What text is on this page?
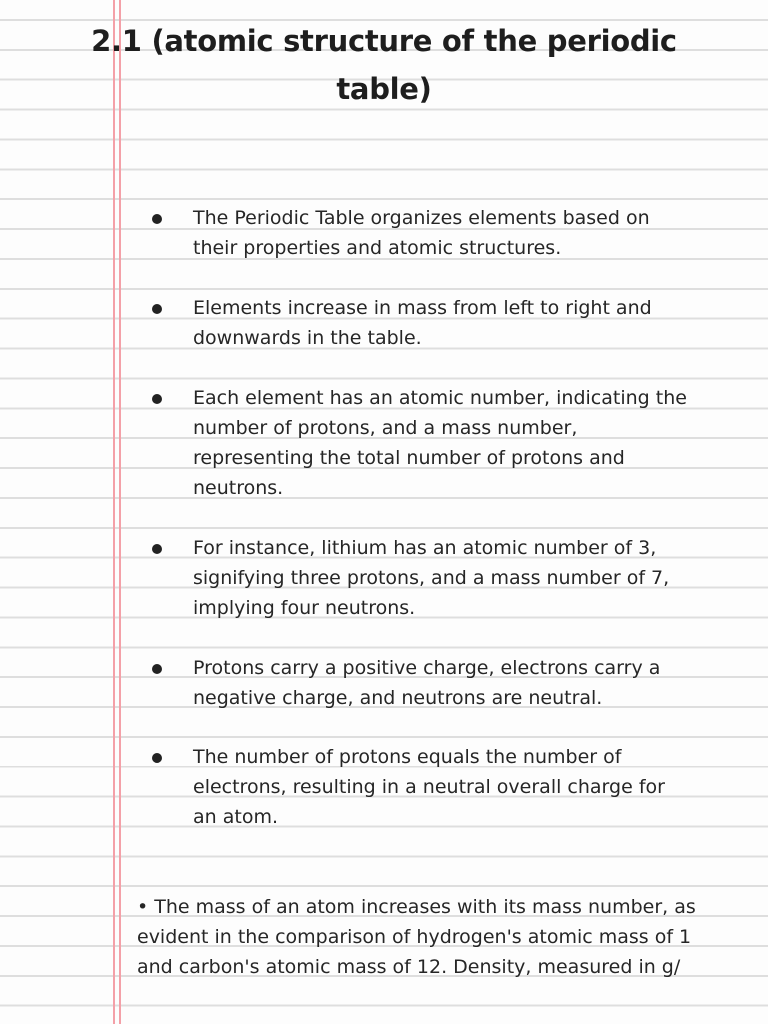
2.1 (atomic structure of the periodic
table)
The Periodic Table organizes elements based on
their properties and atomic structures.
Elements increase in mass from left to right and
downwards in the table.
Each element has an atomic number, indicating the
number of protons, and a mass number,
representing the total number of protons and
neutrons.
For instance, lithium has an atomic number of 3,
signifying three protons, and a mass number of 7,
implying four neutrons.
Protons carry a positive charge, electrons carry a
negative charge, and neutrons are neutral.
The number of protons equals the number of
electrons, resulting in a neutral overall charge for
an atom.
• The mass of an atom increases with its mass number, as
evident in the comparison of hydrogen's atomic mass of 1
and carbon's atomic mass of 12. Density, measured in g/
